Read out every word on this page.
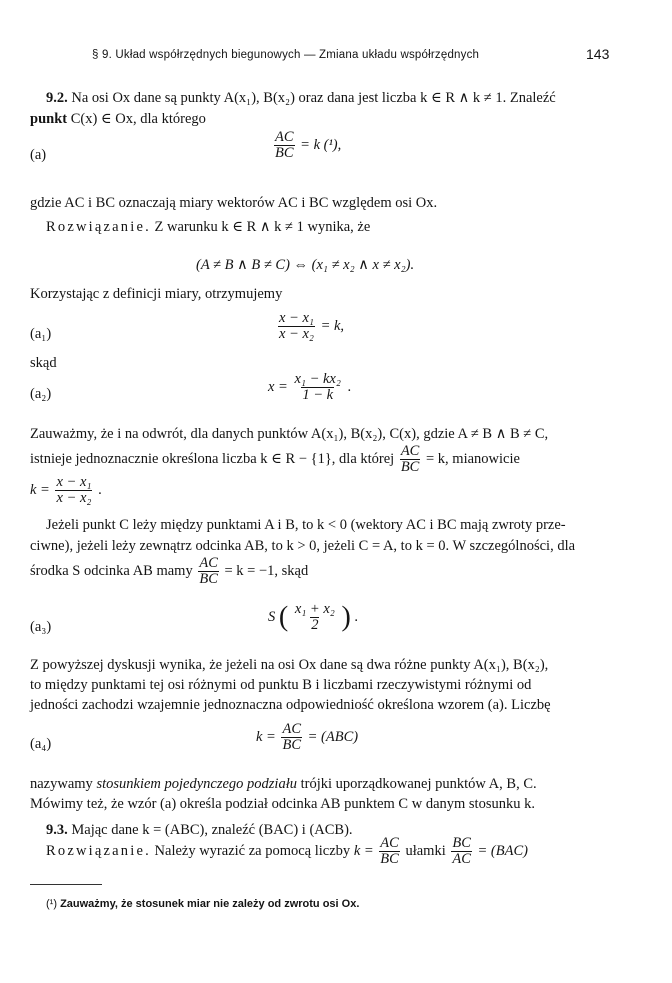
§ 9. Układ współrzędnych biegunowych — Zmiana układu współrzędnych	143
9.2. Na osi Ox dane są punkty A(x₁), B(x₂) oraz dana jest liczba k ∈ R ∧ k ≠ 1. Znaleźć
punkt C(x) ∈ Ox, dla którego
(a)	$\frac{AC}{BC} = k$ (¹),
gdzie AC i BC oznaczają miary wektorów AC i BC względem osi Ox.
Rozwiązanie. Z warunku k ∈ R ∧ k ≠ 1 wynika, że
(A ≠ B ∧ B ≠ C) ⇔ (x₁ ≠ x₂ ∧ x ≠ x₂).
Korzystając z definicji miary, otrzymujemy
(a₁)	$\frac{\text{x − x₁}}{\text{x − x₂}} = k$,
skąd
(a₂)	$x = \frac{\text{x₁ − kx₂}}{1 - k}$ .
Zauważmy, że i na odwrót, dla danych punktów A(x₁), B(x₂), C(x), gdzie A ≠ B ∧ B ≠ C,
istnieje jednoznacznie określona liczba k ∈ R − {1}, dla której $\frac{AC}{BC} = k$, mianowicie
$k = \frac{\text{x − x₁}}{\text{x − x₂}}$ .
Jeżeli punkt C leży między punktami A i B, to k < 0 (wektory AC i BC mają zwroty prze-
ciwne), jeżeli leży zewnątrz odcinka AB, to k > 0, jeżeli C = A, to k = 0. W szczególności, dla
środka S odcinka AB mamy $\frac{AC}{BC} = k = -1$, skąd
(a₃)
S ( $\frac{\text{x₁ + x₂}}{2}$ ) .
Z powyższej dyskusji wynika, że jeżeli na osi Ox dane są dwa różne punkty A(x₁), B(x₂),
to między punktami tej osi różnymi od punktu B i liczbami rzeczywistymi różnymi od
jedności zachodzi wzajemnie jednoznaczna odpowiedniość określona wzorem (a). Liczbę
(a₄)	$k = \frac{AC}{BC} = (ABC)$
nazywamy stosunkiem pojedynczego podziału trójki uporządkowanej punktów A, B, C.
Mówimy też, że wzór (a) określa podział odcinka AB punktem C w danym stosunku k.
9.3. Mając dane k = (ABC), znaleźć (BAC) i (ACB).
Rozwiązanie. Należy wyrazić za pomocą liczby $k = \frac{AC}{BC}$ ułamki $\frac{BC}{AC} = (BAC)$
(¹) Zauważmy, że stosunek miar nie zależy od zwrotu osi Ox.
